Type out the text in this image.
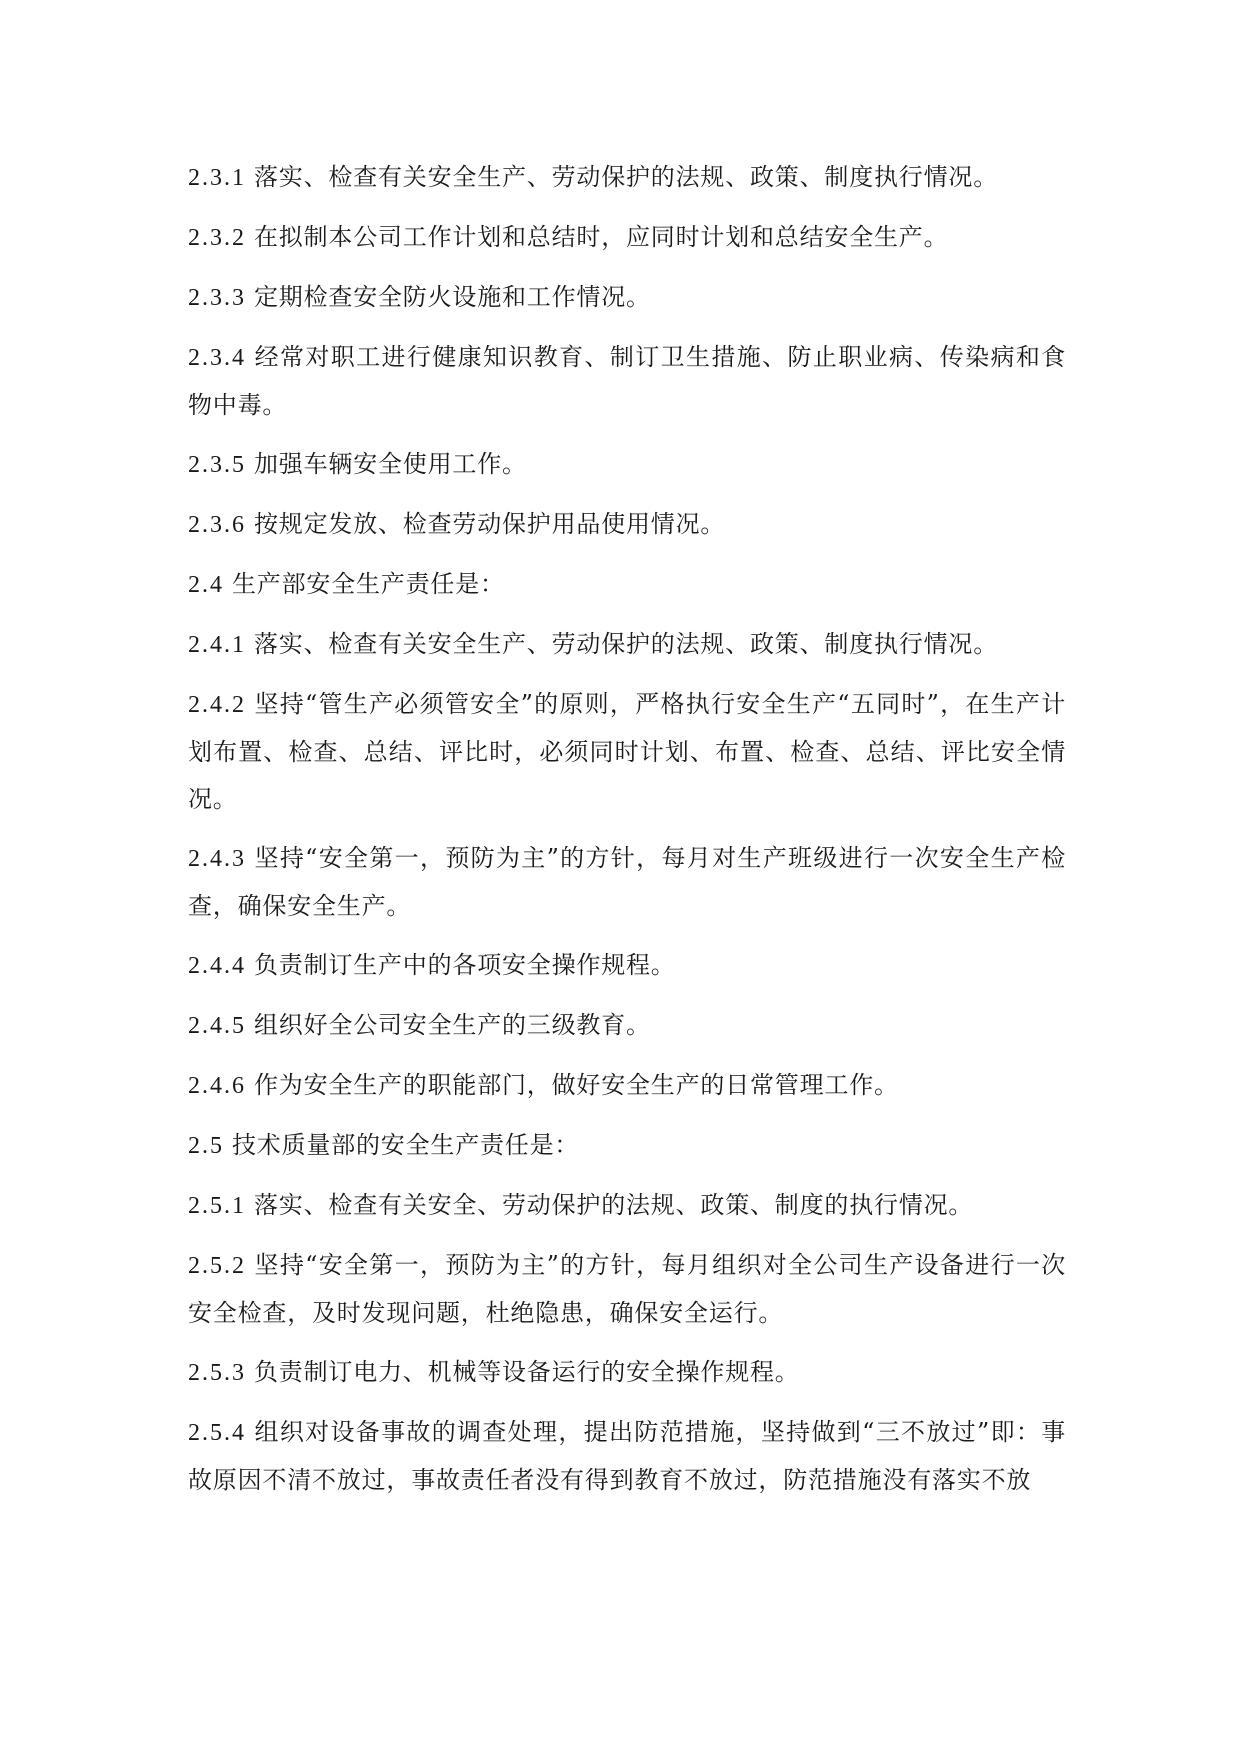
2.3.1 落实、检查有关安全生产、劳动保护的法规、政策、制度执行情况。

2.3.2 在拟制本公司工作计划和总结时，应同时计划和总结安全生产。

2.3.3 定期检查安全防火设施和工作情况。

2.3.4 经常对职工进行健康知识教育、制订卫生措施、防止职业病、传染病和食物中毒。

2.3.5 加强车辆安全使用工作。

2.3.6 按规定发放、检查劳动保护用品使用情况。

2.4 生产部安全生产责任是：

2.4.1 落实、检查有关安全生产、劳动保护的法规、政策、制度执行情况。

2.4.2 坚持“管生产必须管安全”的原则，严格执行安全生产“五同时”，在生产计划布置、检查、总结、评比时，必须同时计划、布置、检查、总结、评比安全情况。

2.4.3 坚持“安全第一，预防为主”的方针，每月对生产班级进行一次安全生产检查，确保安全生产。

2.4.4 负责制订生产中的各项安全操作规程。

2.4.5 组织好全公司安全生产的三级教育。

2.4.6 作为安全生产的职能部门，做好安全生产的日常管理工作。

2.5 技术质量部的安全生产责任是：

2.5.1 落实、检查有关安全、劳动保护的法规、政策、制度的执行情况。

2.5.2 坚持“安全第一，预防为主”的方针，每月组织对全公司生产设备进行一次安全检查，及时发现问题，杜绝隐患，确保安全运行。

2.5.3 负责制订电力、机械等设备运行的安全操作规程。

2.5.4 组织对设备事故的调查处理，提出防范措施，坚持做到“三不放过”即：事故原因不清不放过，事故责任者没有得到教育不放过，防范措施没有落实不放
